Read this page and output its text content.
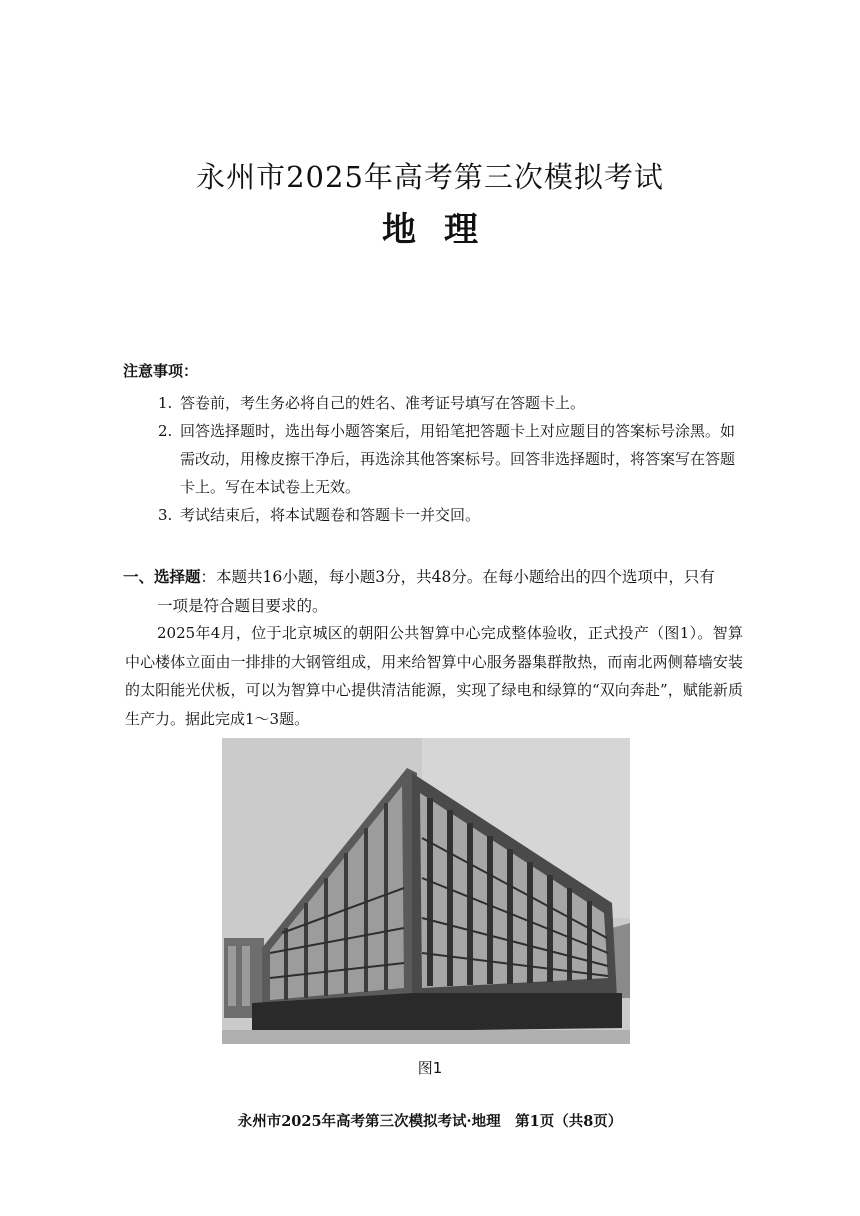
永州市2025年高考第三次模拟考试
地理
注意事项：
1. 答卷前，考生务必将自己的姓名、准考证号填写在答题卡上。
2. 回答选择题时，选出每小题答案后，用铅笔把答题卡上对应题目的答案标号涂黑。如需改动，用橡皮擦干净后，再选涂其他答案标号。回答非选择题时，将答案写在答题卡上。写在本试卷上无效。
3. 考试结束后，将本试题卷和答题卡一并交回。
一、选择题：本题共16小题，每小题3分，共48分。在每小题给出的四个选项中，只有
一项是符合题目要求的。
2025年4月，位于北京城区的朝阳公共智算中心完成整体验收，正式投产（图1）。智算中心楼体立面由一排排的大钢管组成，用来给智算中心服务器集群散热，而南北两侧幕墙安装的太阳能光伏板，可以为智算中心提供清洁能源，实现了绿电和绿算的“双向奔赴”，赋能新质生产力。据此完成1～3题。
图1
永州市2025年高考第三次模拟考试·地理　第1页（共8页）
